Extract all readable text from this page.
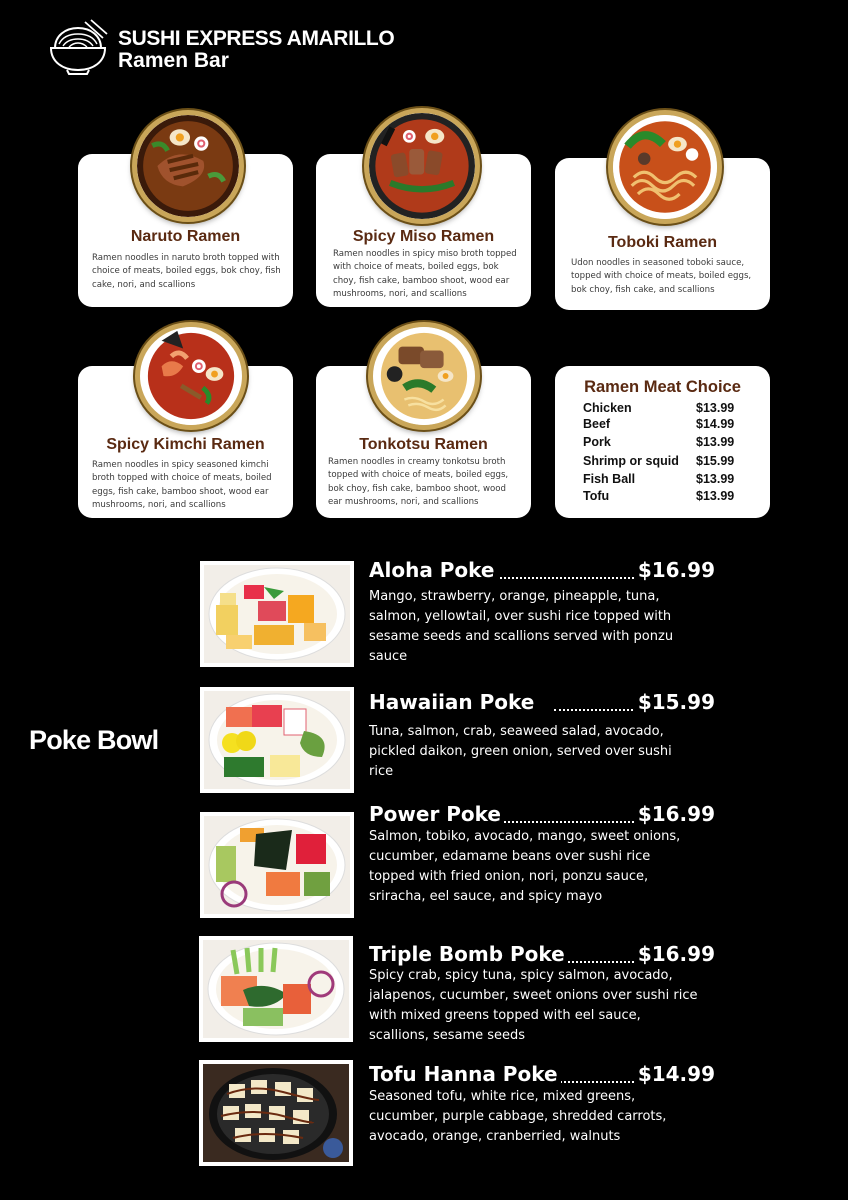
SUSHI EXPRESS AMARILLO
Ramen Bar
Naruto Ramen
Ramen noodles in naruto broth topped with choice of meats, boiled eggs, bok choy, fish cake, nori, and scallions
Spicy Miso Ramen
Ramen noodles in spicy miso broth topped with choice of meats, boiled eggs, bok choy, fish cake, bamboo shoot, wood ear mushrooms, nori, and scallions
Toboki Ramen
Udon noodles in seasoned toboki sauce, topped with choice of meats, boiled eggs, bok choy, fish cake, and scallions
Spicy Kimchi Ramen
Ramen noodles in spicy seasoned kimchi broth topped with choice of meats, boiled eggs, fish cake, bamboo shoot, wood ear mushrooms, nori, and scallions
Tonkotsu Ramen
Ramen noodles in creamy tonkotsu broth topped with choice of meats, boiled eggs, bok choy, fish cake, bamboo shoot, wood ear mushrooms, nori, and scallions
Ramen Meat Choice
Chicken	$13.99
Beef	$14.99
Pork	$13.99
Shrimp or squid $15.99
Fish Ball	$13.99
Tofu	$13.99
Poke Bowl
Aloha Poke	$16.99
Mango, strawberry, orange, pineapple, tuna, salmon, yellowtail, over sushi rice topped with sesame seeds and scallions served with ponzu sauce
Hawaiian Poke	$15.99
Tuna, salmon, crab, seaweed salad, avocado, pickled daikon, green onion, served over sushi rice
Power Poke	$16.99
Salmon, tobiko, avocado, mango, sweet onions, cucumber, edamame beans over sushi rice topped with fried onion, nori, ponzu sauce, sriracha, eel sauce, and spicy mayo
Triple Bomb Poke	$16.99
Spicy crab, spicy tuna, spicy salmon, avocado, jalapenos, cucumber, sweet onions over sushi rice with mixed greens topped with eel sauce, scallions, sesame seeds
Tofu Hanna Poke	$14.99
Seasoned tofu, white rice, mixed greens, cucumber, purple cabbage, shredded carrots, avocado, orange, cranberried, walnuts
